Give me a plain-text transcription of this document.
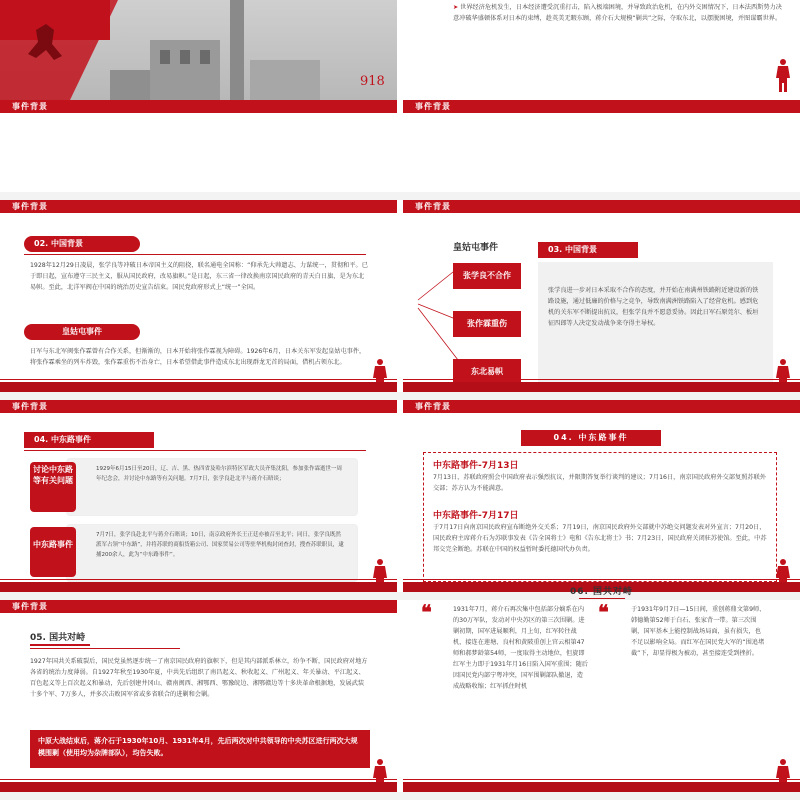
918
事件背景
➤ 世界经济危机发生，日本经济遭受沉重打击，陷入极端困境，并导致政治危机，在内外交困情况下，日本法西斯势力决意冲破华盛顿体系对日本的束缚，趁英美无暇东顾，蒋介石大规模“剿共”之际，夺取东北，以摆脱困境，并图谋霸世界。
事件背景
事件背景
02. 中国背景
1928年12月29日凌晨，张学良等冲破日本帝国主义的阻挠，联名通电全国称：“仰承先大帅遗志、力谋统一，贯彻和平。已于即日起，宣布遵守三民主义，服从国民政府，改易旗帜。”是日起，东三省一律改换南京国民政府的青天白日旗，是为东北易帜。至此，北洋军阀在中国的统治历史宣告结束。国民党政府形式上“统一”全国。
皇姑屯事件
日军与东北军阀张作霖曾有合作关系，但渐渐的，日本开始将张作霖视为障碍。1926年6月，日本关东军发起皇姑屯事件，将张作霖乘坐的列车炸毁，张作霖重伤不治身亡，日本希望借此事件造成东北出现群龙无首的局面，借机占领东北。
事件背景
皇姑屯事件
张学良不合作
张作霖重伤
东北易帜
03. 中国背景
张学良进一步对日本采取不合作的态度，并开始在南满州铁路附近建设新的铁路设施，通过低廉的价格与之竞争，导致南满洲铁路陷入了经营危机。感到危机的关东军不断提出抗议，但张学良并不愿意妥协。因此日军石原莞尔、板垣征四郎等人决定发动战争来夺得主导权。
事件背景
04. 中东路事件
讨论中东路等有关问题
1929年6月15日至20日，辽、吉、黑、热四省及哈尔滨特区军政大员齐集沈阳，参加张作霖逝世一周年纪念会，并讨论中东路等有关问题。7月7日，张学良赴北平与蒋介石晤谈；
中东路事件
7月7日，张学良赴北平与蒋介石晤谈；10日，南京政府外长王正廷亦被召至北平；同日，张学良既然派军占领“中东路”，并将苏联的商船货箱公司、国家贸易公司等驻华机构封闭查封，搜查苏联职员，逮捕200余人，此为“中东路事件”。
事件背景
04. 中东路事件
中东路事件-7月13日
7月13日，苏联政府照会中国政府表示强烈抗议，并限期答复举行谈判的建议；7月16日，南京国民政府外交部复照苏联外交部；苏方认为不能满意。
中东路事件-7月17日
于7月17日向南京国民政府宣布断绝外交关系；7月19日，南京国民政府外交部就中苏绝交问题发表对外宣言；7月20日，国民政府主席蒋介石为苏联事发表《告全国将士》电和《告东北将士》书；7月23日，国民政府关闭驻苏使馆。至此，中苏邦交完全断绝。苏联在中国的权益暂时委托德国代办负责。
事件背景
05. 国共对峙
1927年国共关系破裂后，国民党虽然逐步统一了南京国民政府的旗帜下，但是其内部派系林立，纷争不断，国民政府对地方各省的统治力度薄弱。自1927年秋至1930年夏，中共先后组织了南昌起义、秋收起义、广州起义、年关暴动、平江起义、百色起义等上百次起义和暴动，先后创建井冈山、赣南闽西、湘鄂西、鄂豫皖边、湘鄂赣边等十多块革命根据地，发展武装十多个军、7万多人，并多次击败国军省或多省联合的进剿和会剿。
中原大战结束后，蒋介石于1930年10月、1931年4月，先后两次对中共领导的中央苏区进行两次大规模围剿（使用均为杂牌部队），均告失败。
06. 国共对峙
❝	1931年7月，蒋介石再次集中包括部分嫡系在内的30万军队，发动对中央苏区的第三次围剿。进剿初期，国军进展顺利，月上旬，红军转往战机，接连在莲塘、良村和黄陂重创上官云相第47师和郝梦龄第54师，一度取得主动地位，但旋即红军主力即于1931年月16日陷入国军重围；随后因国民党内部宁粤冲突，国军围剿部队撤退，造成战略收缩；红军抓住时机
❝	于1931年9月7日—15日间，重创蒋鼎文第9师、韩德勤第52师于白石、张家背一带。第三次围剿，国军基本上能控制战场局面，虽有损失，也不足以影响全局。而红军在国民党大军的“围追堵截”下，却显得极为被动，甚至接连受到挫折。
